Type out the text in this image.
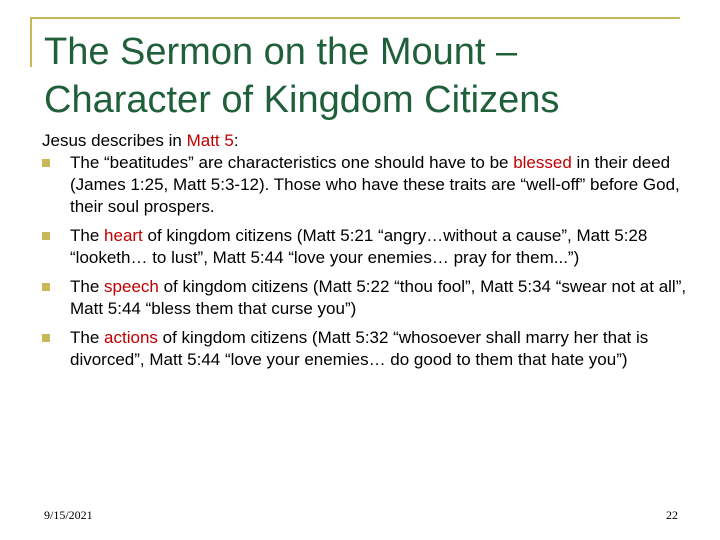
The Sermon on the Mount –
Character of Kingdom Citizens

Jesus describes in Matt 5:

The “beatitudes” are characteristics one should have to be blessed in their deed (James 1:25, Matt 5:3-12). Those who have these traits are “well-off” before God, their soul prospers.
The heart of kingdom citizens (Matt 5:21 “angry…without a cause”, Matt 5:28 “looketh… to lust”, Matt 5:44 “love your enemies… pray for them...”)
The speech of kingdom citizens (Matt 5:22 “thou fool”, Matt 5:34 “swear not at all”, Matt 5:44 “bless them that curse you”)
The actions of kingdom citizens (Matt 5:32 “whosoever shall marry her that is divorced”, Matt 5:44 “love your enemies… do good to them that hate you”)
9/15/2021	22
